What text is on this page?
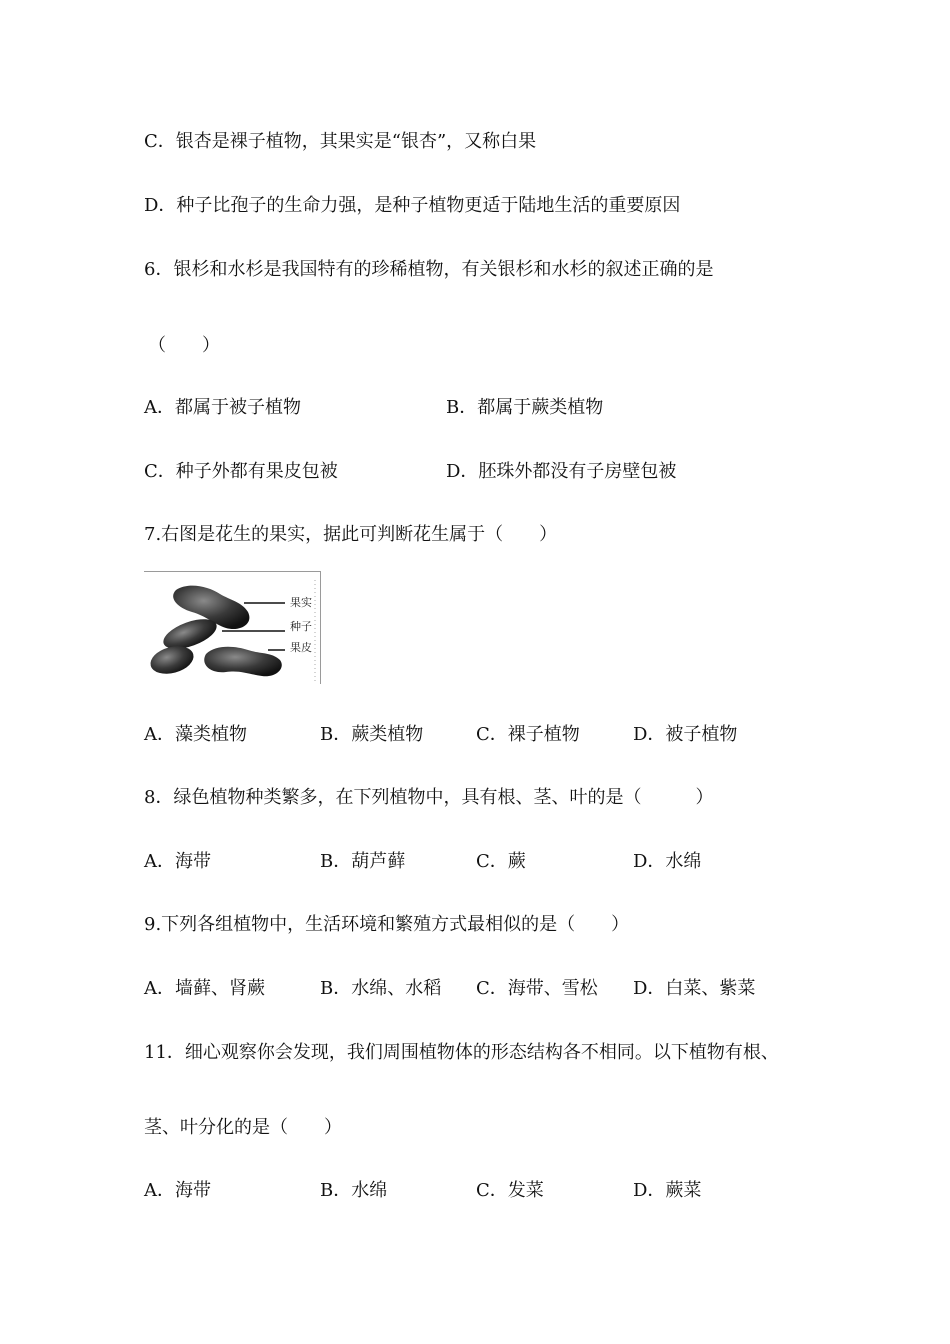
C．银杏是裸子植物，其果实是“银杏”，又称白果
D．种子比孢子的生命力强，是种子植物更适于陆地生活的重要原因
6．银杉和水杉是我国特有的珍稀植物，有关银杉和水杉的叙述正确的是
（　　）
A．都属于被子植物	B．都属于蕨类植物
C．种子外都有果皮包被	D．胚珠外都没有子房壁包被
7.右图是花生的果实，据此可判断花生属于（　　）
果实
种子
果皮
A．藻类植物	B．蕨类植物	C．裸子植物	D．被子植物
8．绿色植物种类繁多，在下列植物中，具有根、茎、叶的是（　　　）
A．海带	B．葫芦藓	C．蕨	D．水绵
9.下列各组植物中，生活环境和繁殖方式最相似的是（　　）
A．墙藓、肾蕨	B．水绵、水稻 C．海带、雪松 D．白菜、紫菜
11．细心观察你会发现，我们周围植物体的形态结构各不相同。以下植物有根、
茎、叶分化的是（　　）
A．海带	B．水绵	C．发菜	D．蕨菜
